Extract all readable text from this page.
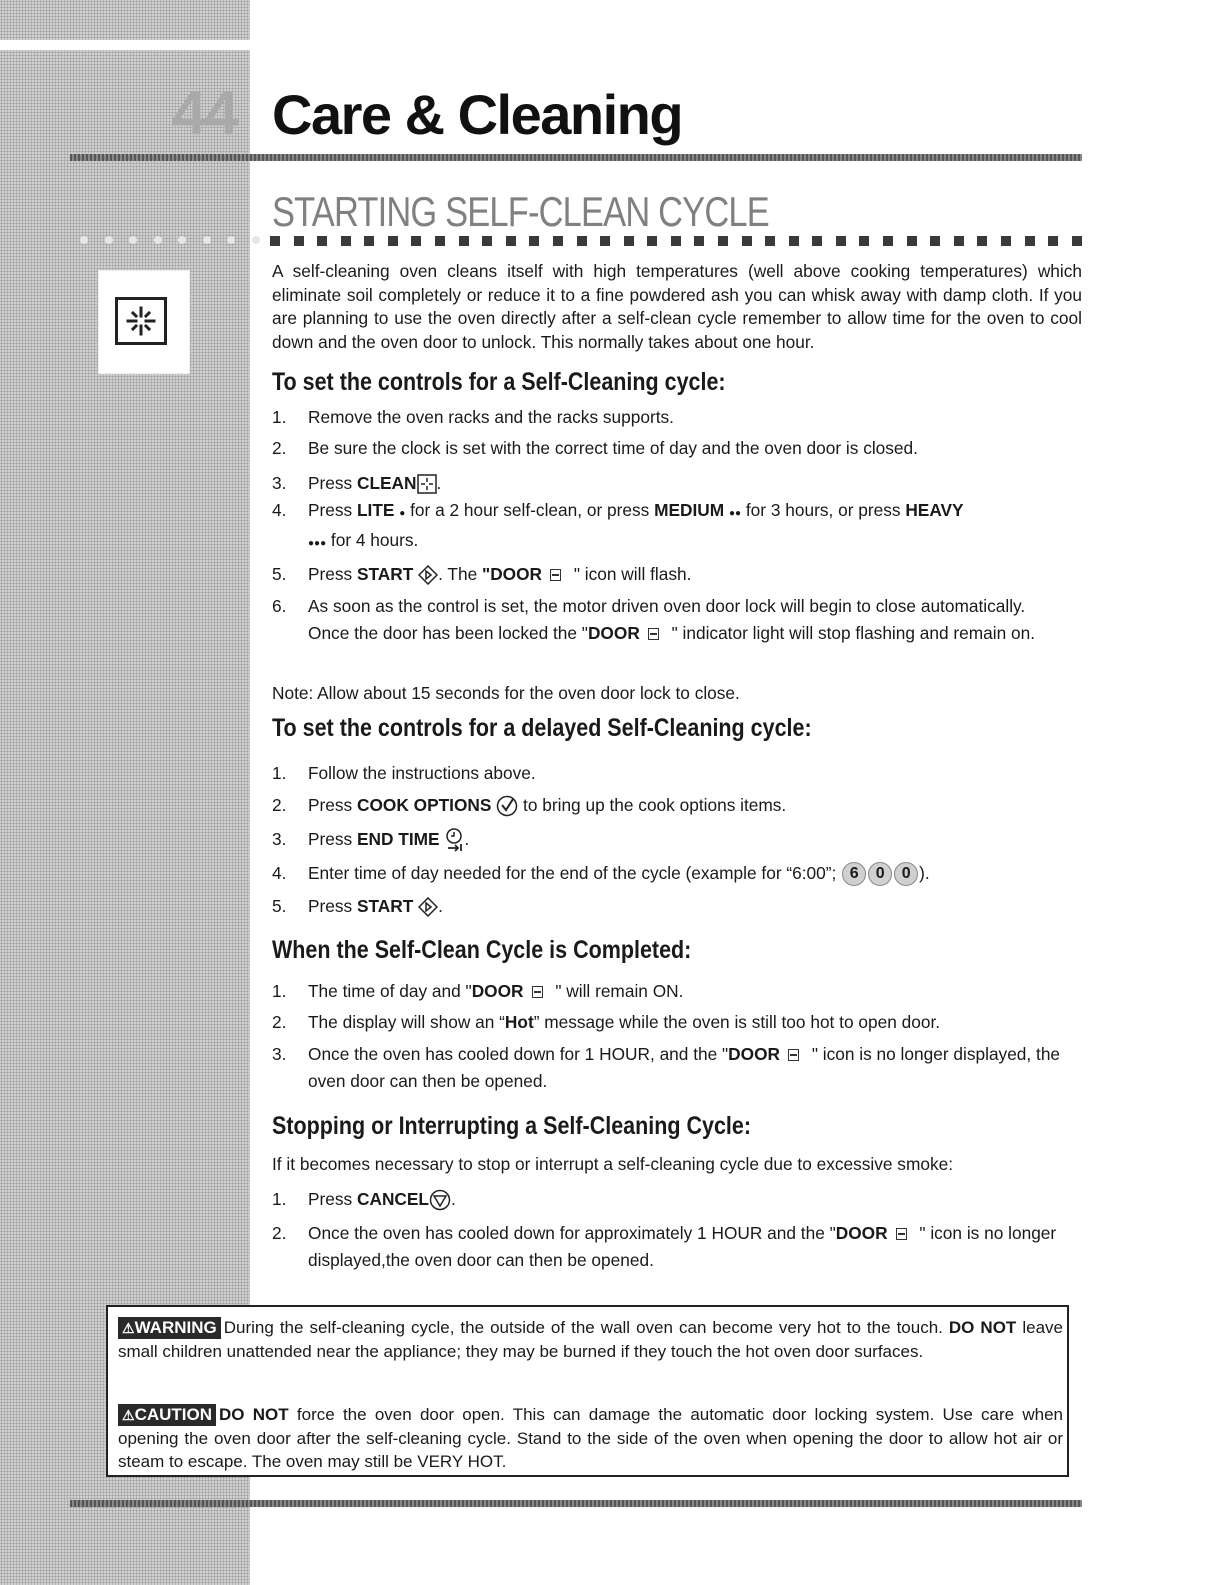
44 Care & Cleaning
STARTING SELF-CLEAN CYCLE
A self-cleaning oven cleans itself with high temperatures (well above cooking temperatures) which eliminate soil completely or reduce it to a fine powdered ash you can whisk away with damp cloth. If you are planning to use the oven directly after a self-clean cycle remember to allow time for the oven to cool down and the oven door to unlock. This normally takes about one hour.
To set the controls for a Self-Cleaning cycle:
1.	Remove the oven racks and the racks supports.
2.	Be sure the clock is set with the correct time of day and the oven door is closed.
3.	Press CLEAN .
4.	Press LITE ● for a 2 hour self-clean, or press MEDIUM ●● for 3 hours, or press HEAVY
●●● for 4 hours.
5.	Press START . The "DOOR " icon will flash.
6.	As soon as the control is set, the motor driven oven door lock will begin to close automatically. Once the door has been locked the "DOOR " indicator light will stop flashing and remain on.
Note: Allow about 15 seconds for the oven door lock to close.
To set the controls for a delayed Self-Cleaning cycle:
1.	Follow the instructions above.
2.	Press COOK OPTIONS  to bring up the cook options items.
3.	Press END TIME .
4.	Enter time of day needed for the end of the cycle (example for “6:00”; 6 0 0 ).
5.	Press START .
When the Self-Clean Cycle is Completed:
1.	The time of day and "DOOR " will remain ON.
2.	The display will show an “Hot” message while the oven is still too hot to open door.
3.	Once the oven has cooled down for 1 HOUR, and the "DOOR " icon is no longer displayed, the oven door can then be opened.
Stopping or Interrupting a Self-Cleaning Cycle:
If it becomes necessary to stop or interrupt a self-cleaning cycle due to excessive smoke:
1.	Press CANCEL .
2.	Once the oven has cooled down for approximately 1 HOUR and the "DOOR " icon is no longer displayed,the oven door can then be opened.
⚠WARNING During the self-cleaning cycle, the outside of the wall oven can become very hot to the touch. DO NOT leave small children unattended near the appliance; they may be burned if they touch the hot oven door surfaces.
⚠CAUTION DO NOT force the oven door open. This can damage the automatic door locking system. Use care when opening the oven door after the self-cleaning cycle. Stand to the side of the oven when opening the door to allow hot air or steam to escape. The oven may still be VERY HOT.
